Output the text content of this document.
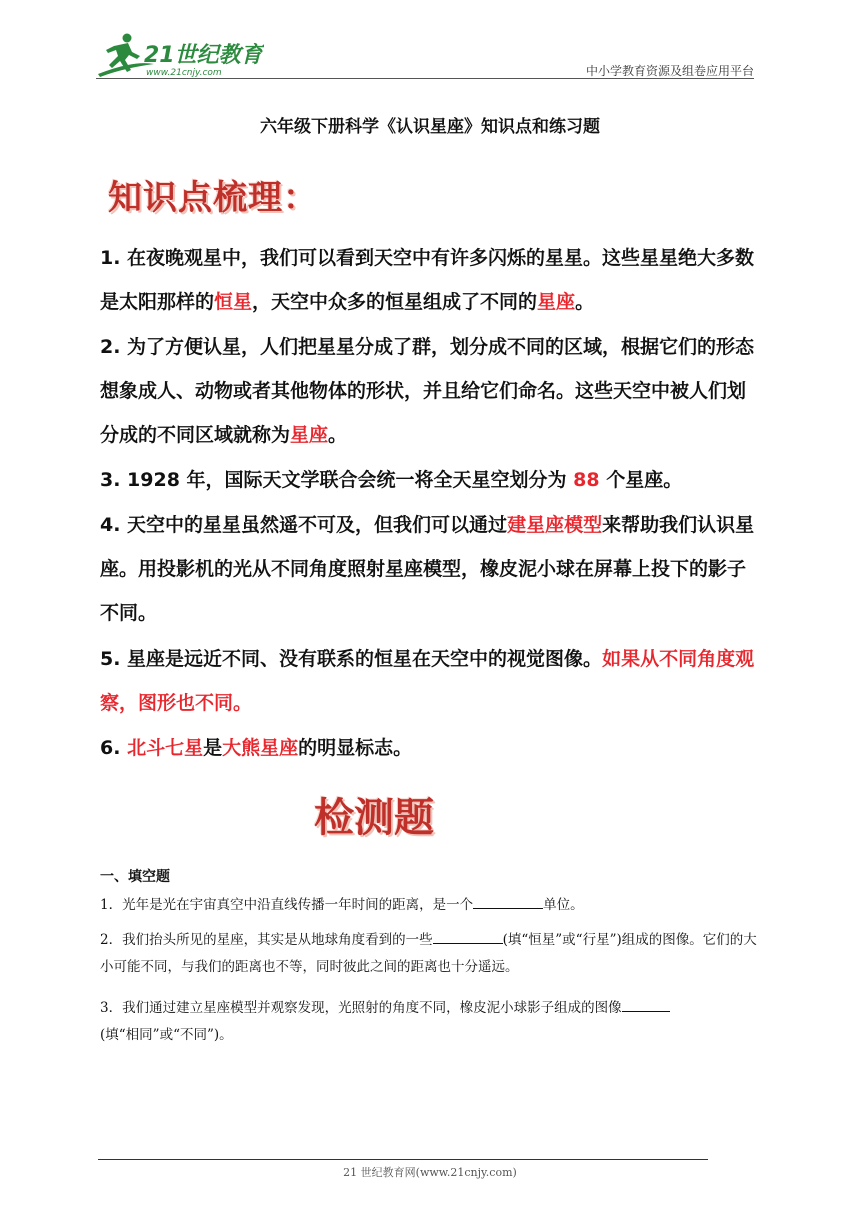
21世纪教育
www.21cnjy.com	中小学教育资源及组卷应用平台
六年级下册科学《认识星座》知识点和练习题
知识点梳理：
1. 在夜晚观星中，我们可以看到天空中有许多闪烁的星星。这些星星绝大多数是太阳那样的恒星，天空中众多的恒星组成了不同的星座。
2. 为了方便认星，人们把星星分成了群，划分成不同的区域，根据它们的形态想象成人、动物或者其他物体的形状，并且给它们命名。这些天空中被人们划分成的不同区域就称为星座。
3. 1928 年，国际天文学联合会统一将全天星空划分为 88 个星座。
4. 天空中的星星虽然遥不可及，但我们可以通过建星座模型来帮助我们认识星座。用投影机的光从不同角度照射星座模型，橡皮泥小球在屏幕上投下的影子不同。
5. 星座是远近不同、没有联系的恒星在天空中的视觉图像。如果从不同角度观察，图形也不同。
6. 北斗七星是大熊星座的明显标志。
检测题
一、填空题
1．光年是光在宇宙真空中沿直线传播一年时间的距离，是一个	单位。
2．我们抬头所见的星座，其实是从地球角度看到的一些	(填“恒星”或“行星”)组成的图像。它们的大小可能不同，与我们的距离也不等，同时彼此之间的距离也十分遥远。
3．我们通过建立星座模型并观察发现，光照射的角度不同，橡皮泥小球影子组成的图像
(填“相同”或“不同”)。
21 世纪教育网(www.21cnjy.com)
